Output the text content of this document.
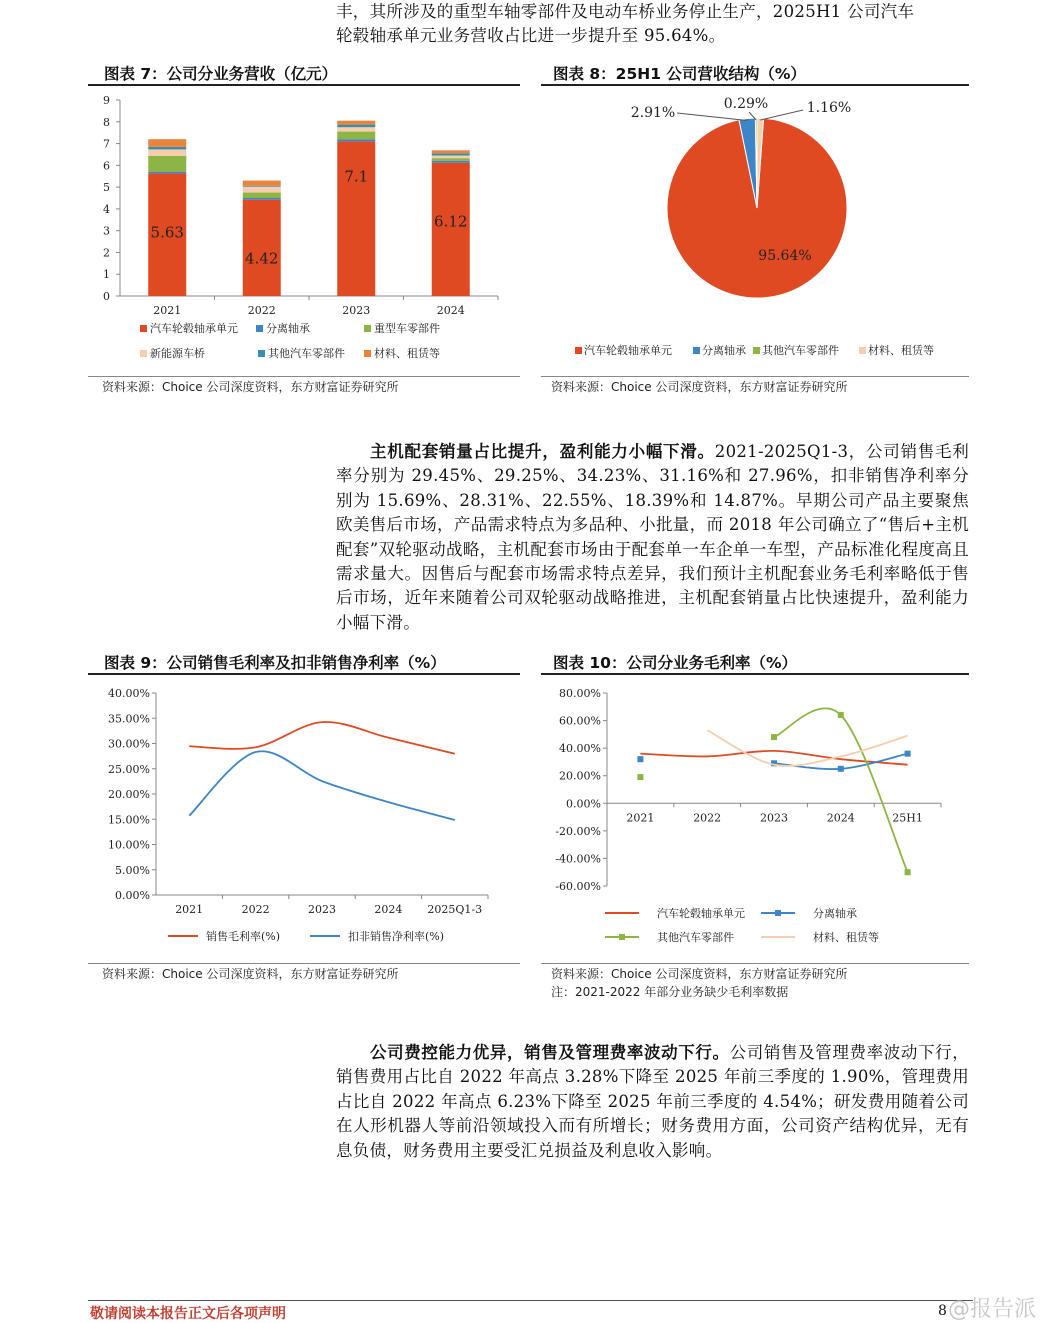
丰，其所涉及的重型车轴零部件及电动车桥业务停止生产，2025H1 公司汽车
轮毂轴承单元业务营收占比进一步提升至 95.64%。
图表 7：公司分业务营收（亿元）
0
1
2
3
4
5
6
7
8
9
2021
5.63
2022
4.42
2023
7.1
2024
6.12
汽车轮毂轴承单元	分离轴承	重型车零部件
新能源车桥	其他汽车零部件	材料、租赁等
资料来源：Choice 公司深度资料，东方财富证券研究所
图表 8：25H1 公司营收结构（%）
95.64%
2.91%
0.29%	1.16%
汽车轮毂轴承单元	分离轴承 其他汽车零部件	材料、租赁等
资料来源：Choice 公司深度资料，东方财富证券研究所
主机配套销量占比提升，盈利能力小幅下滑。2021-2025Q1-3，公司销售毛利率分别为 29.45%、29.25%、34.23%、31.16%和 27.96%，扣非销售净利率分别为 15.69%、28.31%、22.55%、18.39%和 14.87%。早期公司产品主要聚焦欧美售后市场，产品需求特点为多品种、小批量，而 2018 年公司确立了“售后+主机配套”双轮驱动战略，主机配套市场由于配套单一车企单一车型，产品标准化程度高且需求量大。因售后与配套市场需求特点差异，我们预计主机配套业务毛利率略低于售后市场，近年来随着公司双轮驱动战略推进，主机配套销量占比快速提升，盈利能力小幅下滑。
图表 9：公司销售毛利率及扣非销售净利率（%）
0.00%
5.00%
10.00%
15.00%
20.00%
25.00%
30.00%
35.00%
40.00%
2021	2022	2023	2024 2025Q1-3
销售毛利率(%)	扣非销售净利率(%)
资料来源：Choice 公司深度资料，东方财富证券研究所
图表 10：公司分业务毛利率（%）
-60.00%
-40.00%
-20.00%
0.00%
20.00%
40.00%
60.00%
80.00%
2021	2022	2023	2024	25H1
汽车轮毂轴承单元	分离轴承
其他汽车零部件	材料、租赁等
资料来源：Choice 公司深度资料，东方财富证券研究所
注：2021-2022 年部分业务缺少毛利率数据
公司费控能力优异，销售及管理费率波动下行。公司销售及管理费率波动下行，销售费用占比自 2022 年高点 3.28%下降至 2025 年前三季度的 1.90%，管理费用占比自 2022 年高点 6.23%下降至 2025 年前三季度的 4.54%；研发费用随着公司在人形机器人等前沿领域投入而有所增长；财务费用方面，公司资产结构优异，无有息负债，财务费用主要受汇兑损益及利息收入影响。
敬请阅读本报告正文后各项声明	8 @报告派
